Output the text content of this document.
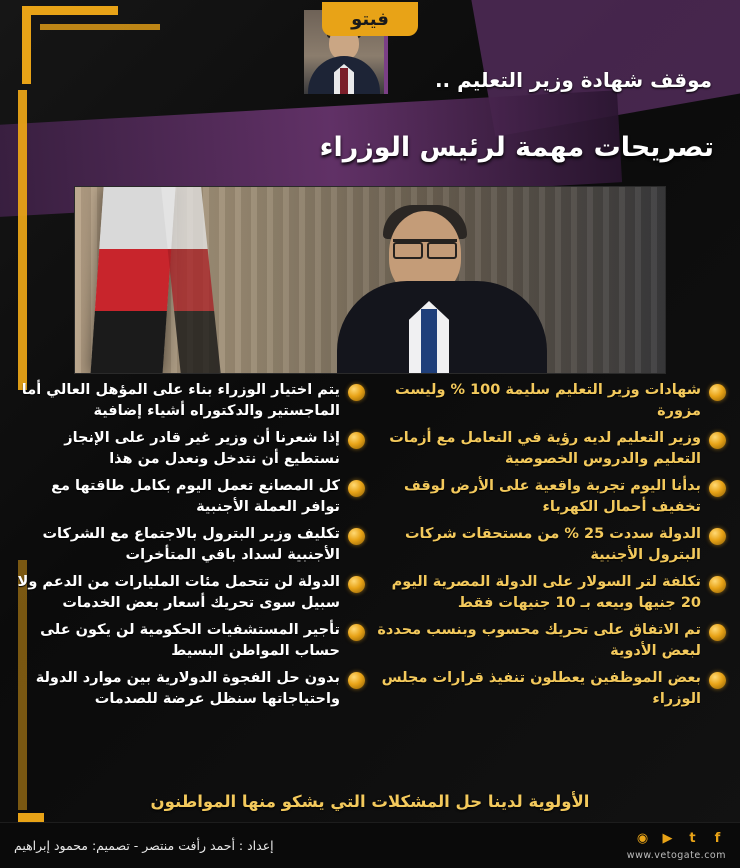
فيتو
موقف شهادة وزير التعليم ..
تصريحات مهمة لرئيس الوزراء
شهادات وزير التعليم سليمة 100 % وليست مزورة
وزير التعليم لديه رؤية في التعامل مع أزمات التعليم والدروس الخصوصية
بدأنا اليوم تجربة واقعية على الأرض لوقف تخفيف أحمال الكهرباء
الدولة سددت 25 % من مستحقات شركات البترول الأجنبية
تكلفة لتر السولار على الدولة المصرية اليوم 20 جنيها وبيعه بـ 10 جنيهات فقط
تم الاتفاق على تحريك محسوب وبنسب محددة لبعض الأدوية
بعض الموظفين يعطلون تنفيذ قرارات مجلس الوزراء
يتم اختيار الوزراء بناء على المؤهل العالي أما الماجستير والدكتوراه أشياء إضافية
إذا شعرنا أن وزير غير قادر على الإنجاز نستطيع أن نتدخل ونعدل من هذا
كل المصانع تعمل اليوم بكامل طاقتها مع توافر العملة الأجنبية
تكليف وزير البترول بالاجتماع مع الشركات الأجنبية لسداد باقي المتأخرات
الدولة لن تتحمل مئات المليارات من الدعم ولا سبيل سوى تحريك أسعار بعض الخدمات
تأجير المستشفيات الحكومية لن يكون على حساب المواطن البسيط
بدون حل الفجوة الدولارية بين موارد الدولة واحتياجاتها سنظل عرضة للصدمات
الأولوية لدينا حل المشكلات التي يشكو منها المواطنون
f
t
▶
◉
www.vetogate.com
إعداد : أحمد رأفت منتصر - تصميم: محمود إبراهيم
